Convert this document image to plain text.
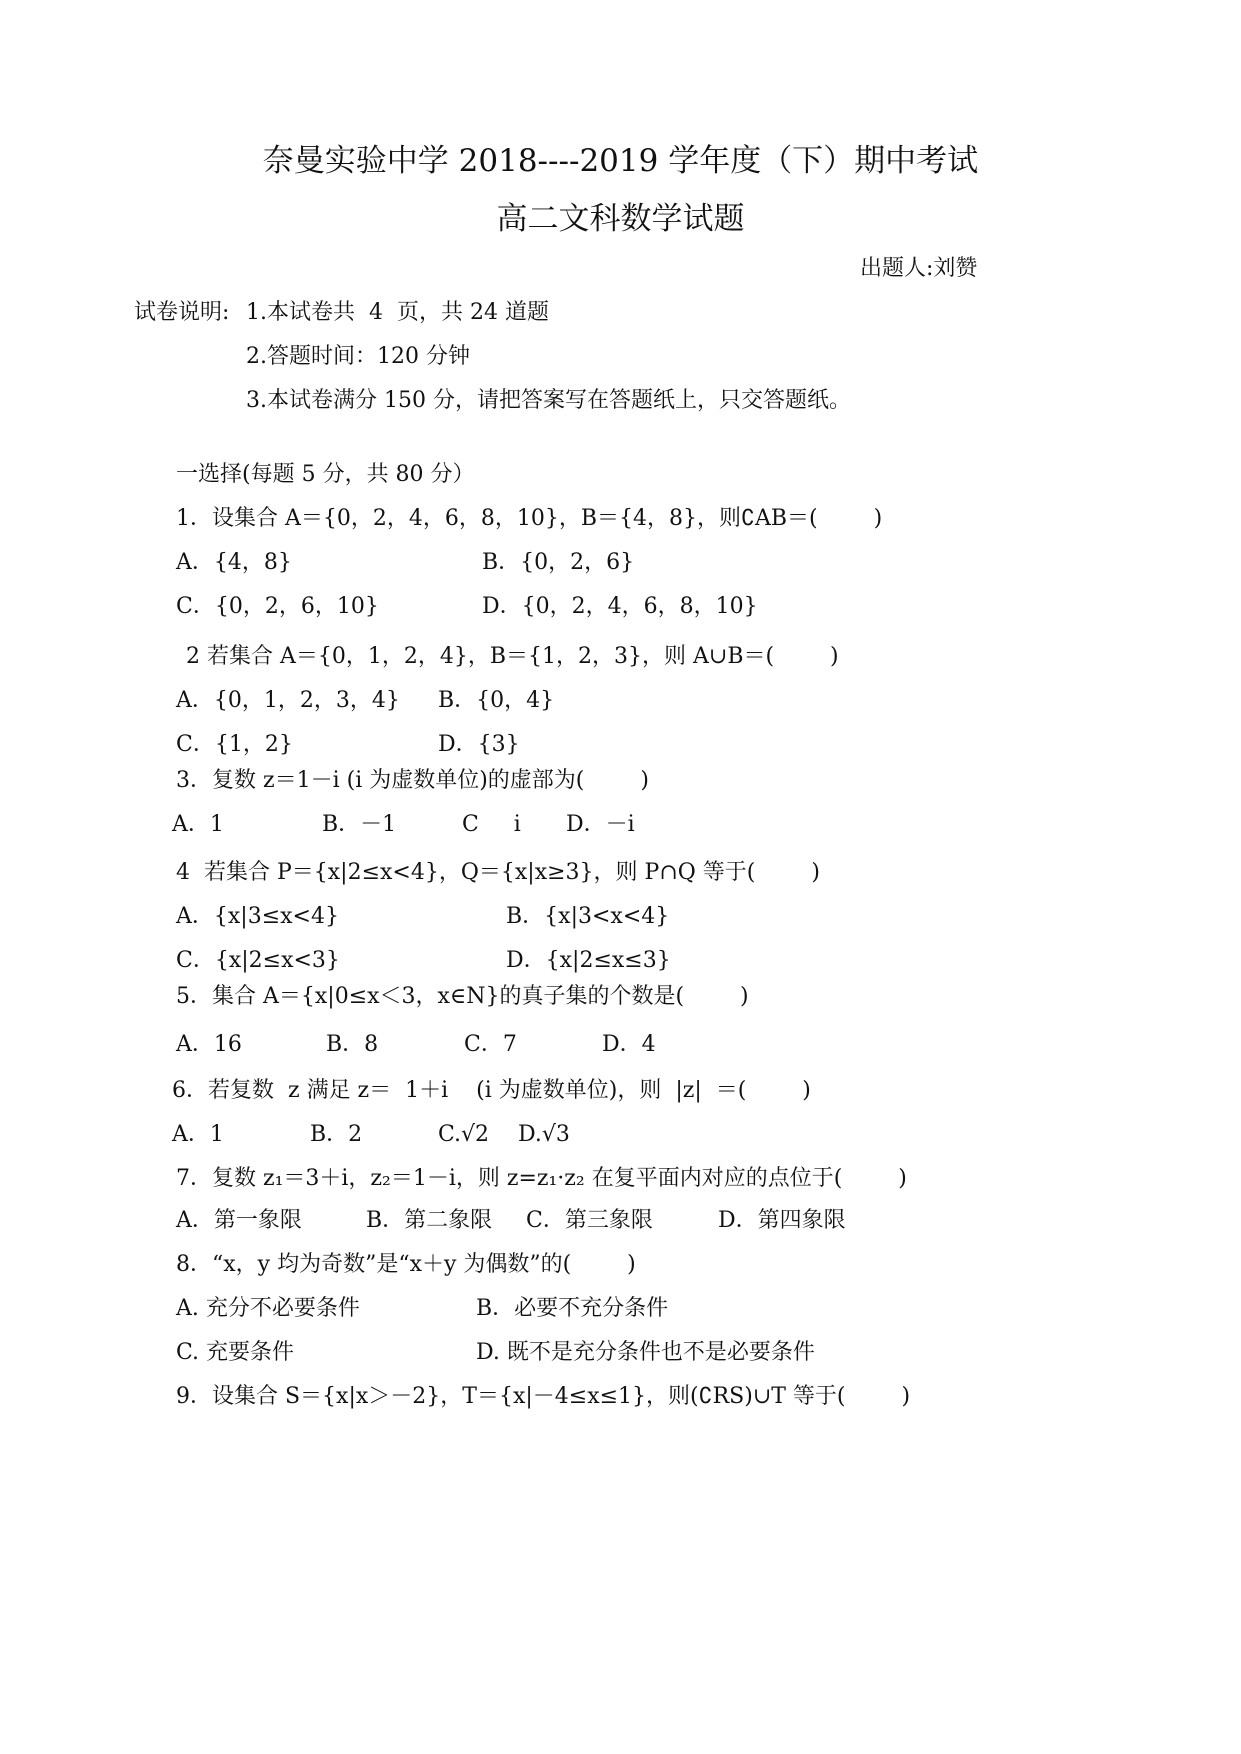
奈曼实验中学 2018----2019 学年度（下）期中考试
高二文科数学试题
出题人:刘赞
试卷说明: 1.本试卷共  4  页，共 24 道题
2.答题时间：120 分钟
3.本试卷满分 150 分，请把答案写在答题纸上，只交答题纸。
一选择(每题 5 分，共 80 分）
1．设集合 A＝{0，2，4，6，8，10}，B＝{4，8}，则∁AB＝(        )
A．{4，8}	B．{0，2，6}
C．{0，2，6，10}	D．{0，2，4，6，8，10}
2 若集合 A＝{0，1，2，4}，B＝{1，2，3}，则 A∪B＝(        )
A．{0，1，2，3，4} B．{0，4}
C．{1，2}	D．{3}
3．复数 z＝1－i (i 为虚数单位)的虚部为(        )
A．1	B．－1	C     i D．－i
4  若集合 P＝{x|2≤x<4}，Q＝{x|x≥3}，则 P∩Q 等于(        )
A．{x|3≤x<4}	B．{x|3<x<4}
C．{x|2≤x<3}	D．{x|2≤x≤3}
5．集合 A＝{x|0≤x＜3，x∈N}的真子集的个数是(        )
A．16	B．8	C．7	D．4
6．若复数  z 满足 z＝  1＋i    (i 为虚数单位)，则  |z|  ＝(        )
A．1	B．2	C.√2 D.√3
7．复数 z₁＝3＋i，z₂＝1－i，则 z=z₁·z₂ 在复平面内对应的点位于(        )
A．第一象限	B．第二象限 C．第三象限	D．第四象限
8．“x，y 均为奇数”是“x＋y 为偶数”的(        )
A. 充分不必要条件	B．必要不充分条件
C. 充要条件	D. 既不是充分条件也不是必要条件
9．设集合 S＝{x|x＞－2}，T＝{x|－4≤x≤1}，则(∁RS)∪T 等于(        )
